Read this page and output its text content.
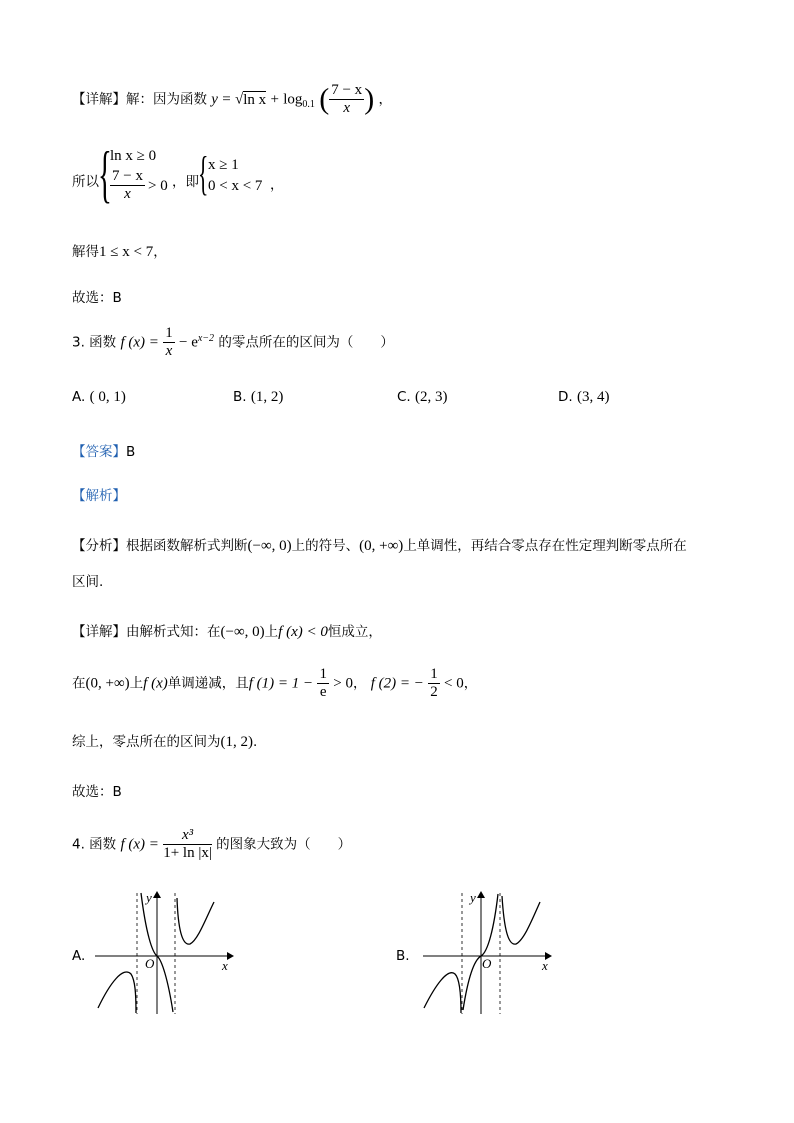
【详解】解：因为函数 y = √ln $x + \log_{0.1}$ ( $\frac{7 - x}{x}$ ) ，
所以 {
ln x ≥ 0
$\frac{7 - x}{x} > 0$ ，即 { x ≥ 1
0 < x < 7 ，
解得1 ≤ x < 7，
故选：B
3. 函数 f $(x) = \frac{1}{x} - e^{x-2}$ 的零点所在的区间为（　　）
A. ( 0, 1)	B. (1, 2)	C. (2, 3)	D. (3, 4)
【答案】B
【解析】
【分析】根据函数解析式判断(−∞, 0)上的符号、(0, +∞)上单调性，再结合零点存在性定理判断零点所在
区间.
【详解】由解析式知：在(−∞, 0)上f (x) < 0恒成立，
在(0, +∞)上f (x)单调递减，且f $(1) = 1 - \frac{1}{e} > 0$， f (2) = − $\frac{1}{2} < 0$，
综上，零点所在的区间为(1, 2).
故选：B
4. 函数 f $(x) = \frac{\text{x³}}{1+ \ln |x|}$ 的图象大致为（　　）
A.
y
x
O	B.
y
x
O
